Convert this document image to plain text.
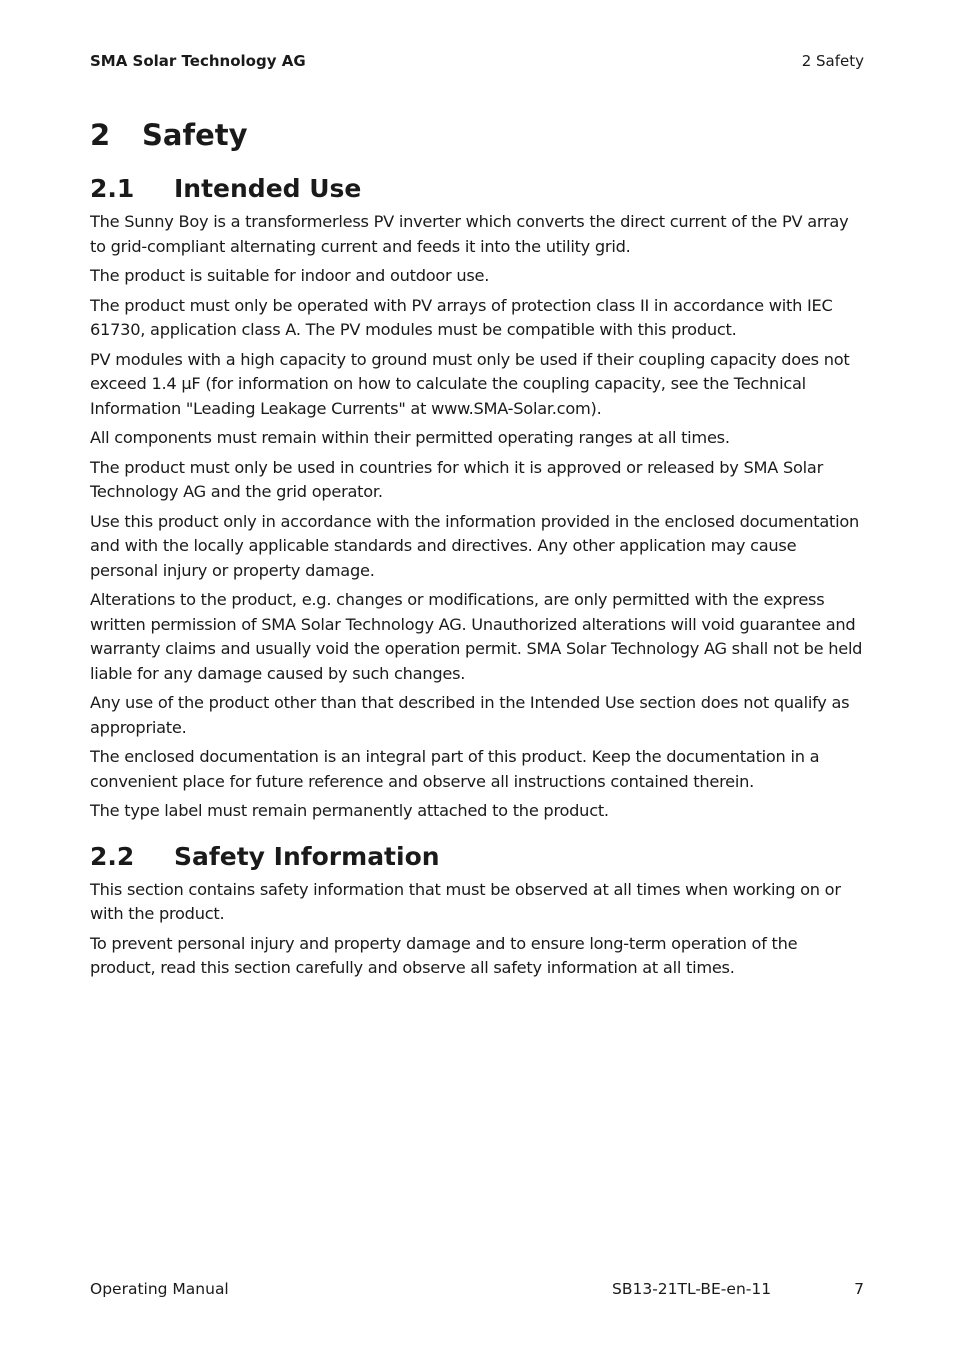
SMA Solar Technology AG	2 Safety
2	Safety
2.1	Intended Use

The Sunny Boy is a transformerless PV inverter which converts the direct current of the PV array to grid-compliant alternating current and feeds it into the utility grid.

The product is suitable for indoor and outdoor use.

The product must only be operated with PV arrays of protection class II in accordance with IEC 61730, application class A. The PV modules must be compatible with this product.

PV modules with a high capacity to ground must only be used if their coupling capacity does not exceed 1.4 μF (for information on how to calculate the coupling capacity, see the Technical Information "Leading Leakage Currents" at www.SMA-Solar.com).

All components must remain within their permitted operating ranges at all times.

The product must only be used in countries for which it is approved or released by SMA Solar Technology AG and the grid operator.

Use this product only in accordance with the information provided in the enclosed documentation and with the locally applicable standards and directives. Any other application may cause personal injury or property damage.

Alterations to the product, e.g. changes or modifications, are only permitted with the express written permission of SMA Solar Technology AG. Unauthorized alterations will void guarantee and warranty claims and usually void the operation permit. SMA Solar Technology AG shall not be held liable for any damage caused by such changes.

Any use of the product other than that described in the Intended Use section does not qualify as appropriate.

The enclosed documentation is an integral part of this product. Keep the documentation in a convenient place for future reference and observe all instructions contained therein.

The type label must remain permanently attached to the product.

2.2	Safety Information

This section contains safety information that must be observed at all times when working on or with the product.

To prevent personal injury and property damage and to ensure long-term operation of the product, read this section carefully and observe all safety information at all times.

Operating Manual	SB13-21TL-BE-en-11	7
